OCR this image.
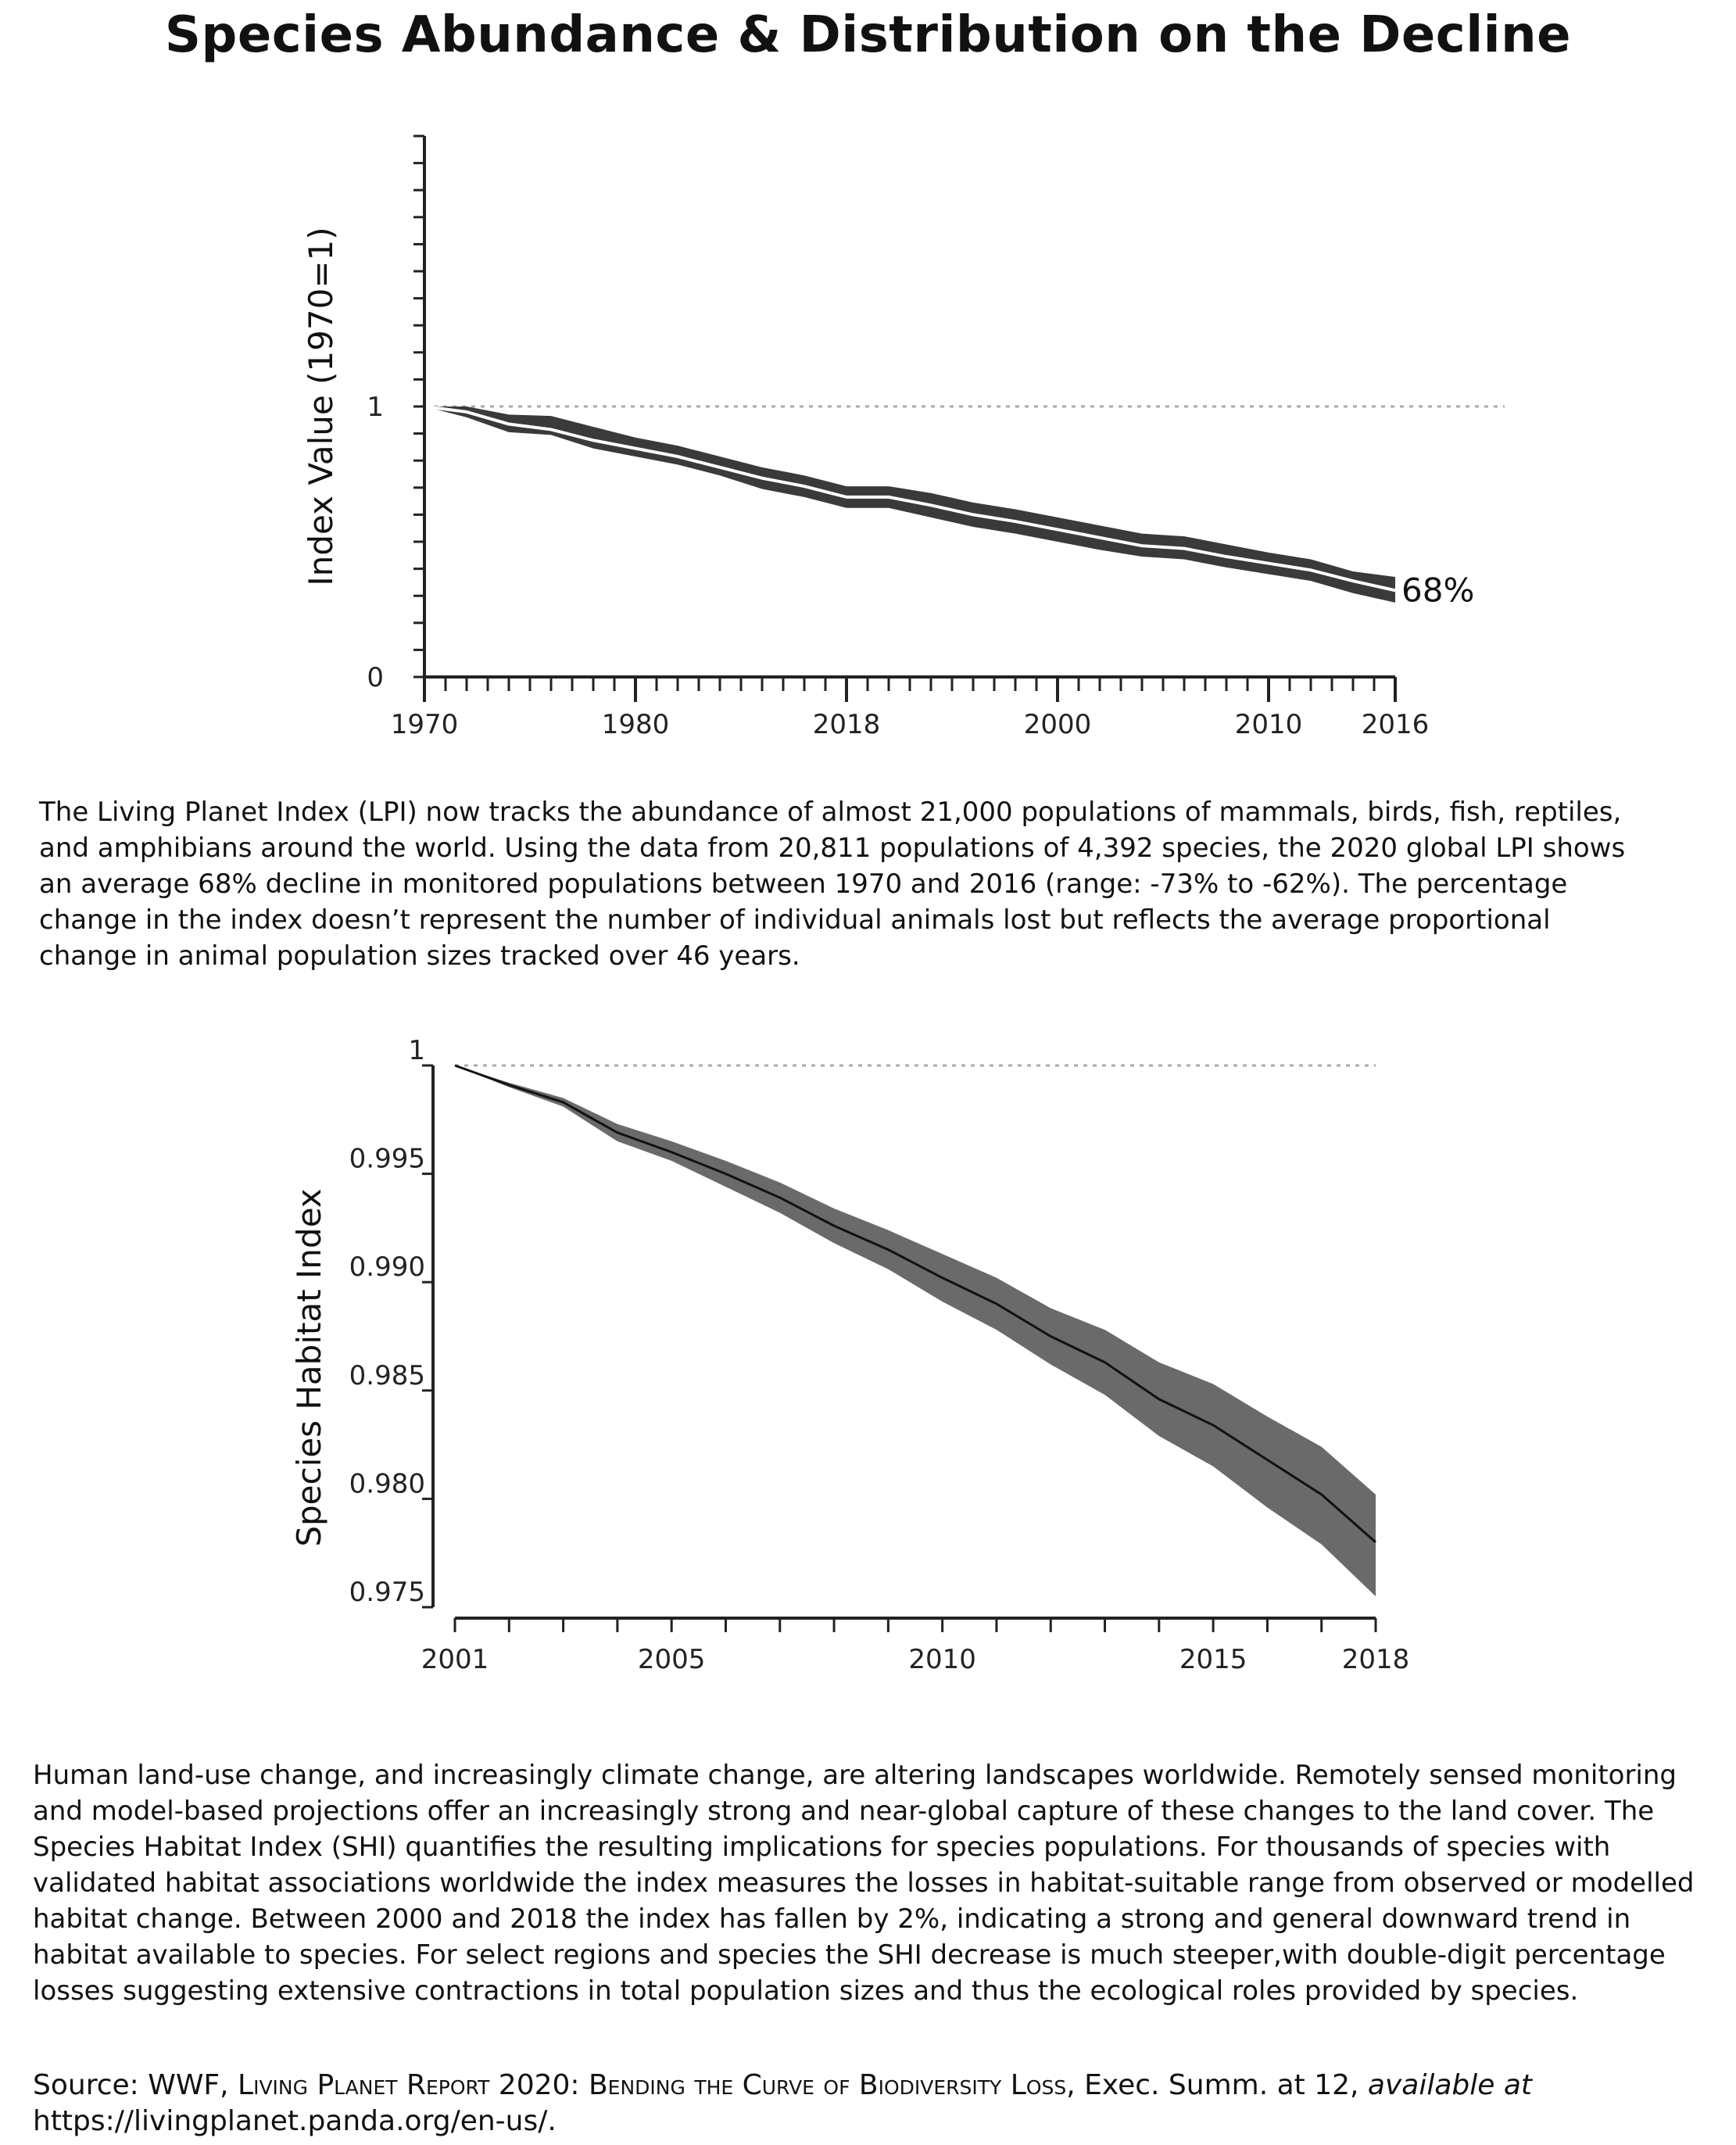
Species Abundance & Distribution on the Decline
0
1
1970	1980	2018	2000	2010 2016
Index Value (1970=1)
68%

The Living Planet Index (LPI) now tracks the abundance of almost 21,000 populations of mammals, birds, fish, reptiles, and amphibians around the world. Using the data from 20,811 populations of 4,392 species, the 2020 global LPI shows an average 68% decline in monitored populations between 1970 and 2016 (range: -73% to -62%). The percentage change in the index doesn’t represent the number of individual animals lost but reflects the average proportional change in animal population sizes tracked over 46 years.

1
0.995
0.990
0.985
0.980
0.975
2001	2005	2010	2015	2018
Species Habitat Index

Human land-use change, and increasingly climate change, are altering landscapes worldwide. Remotely sensed monitoring and model-based projections offer an increasingly strong and near-global capture of these changes to the land cover. The Species Habitat Index (SHI) quantifies the resulting implications for species populations. For thousands of species with validated habitat associations worldwide the index measures the losses in habitat-suitable range from observed or modelled habitat change. Between 2000 and 2018 the index has fallen by 2%, indicating a strong and general downward trend in habitat available to species. For select regions and species the SHI decrease is much steeper,with double-digit percentage losses suggesting extensive contractions in total population sizes and thus the ecological roles provided by species.

Source: WWF, Living Planet Report 2020: Bending the Curve of Biodiversity Loss, Exec. Summ. at 12, available at
https://livingplanet.panda.org/en-us/.
